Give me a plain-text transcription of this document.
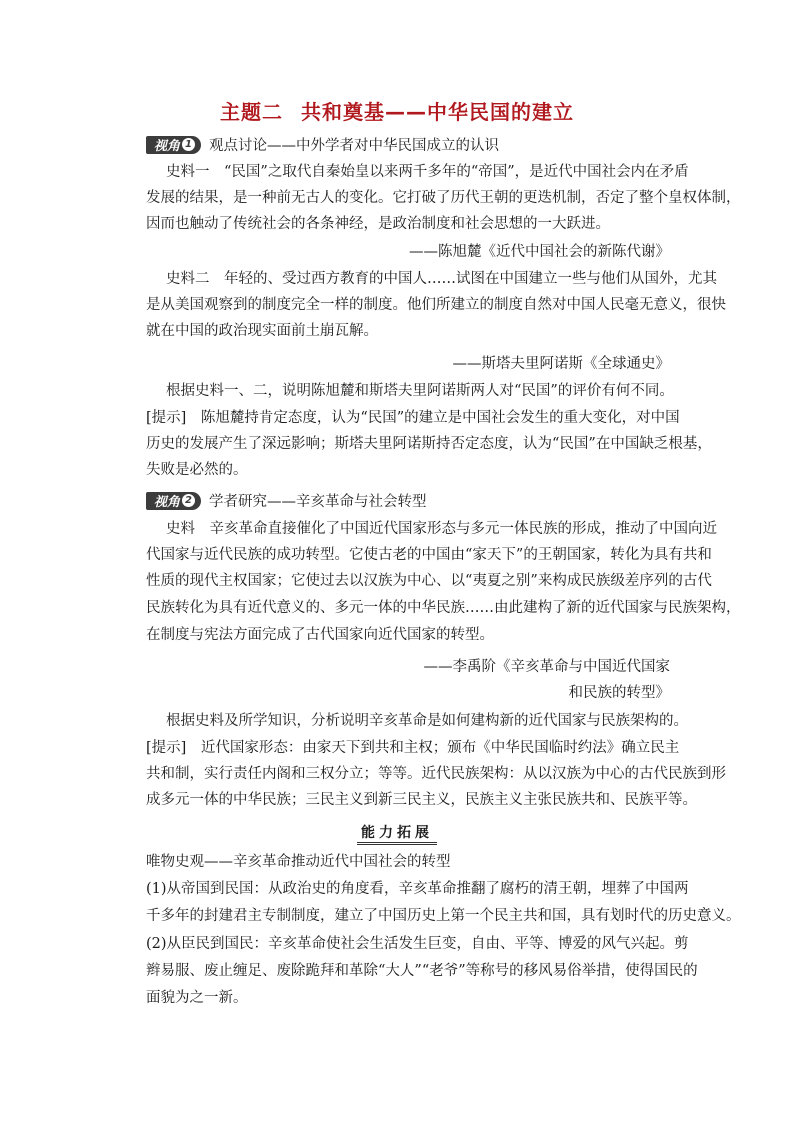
主题二 共和奠基——中华民国的建立
视角 1 观点讨论——中外学者对中华民国成立的认识
史料一　“民国”之取代自秦始皇以来两千多年的“帝国”，是近代中国社会内在矛盾
发展的结果，是一种前无古人的变化。它打破了历代王朝的更迭机制，否定了整个皇权体制，
因而也触动了传统社会的各条神经，是政治制度和社会思想的一大跃进。
——陈旭麓《近代中国社会的新陈代谢》
史料二　年轻的、受过西方教育的中国人……试图在中国建立一些与他们从国外，尤其
是从美国观察到的制度完全一样的制度。他们所建立的制度自然对中国人民毫无意义，很快
就在中国的政治现实面前土崩瓦解。
——斯塔夫里阿诺斯《全球通史》
根据史料一、二，说明陈旭麓和斯塔夫里阿诺斯两人对“民国”的评价有何不同。
[提示]　陈旭麓持肯定态度，认为“民国”的建立是中国社会发生的重大变化，对中国
历史的发展产生了深远影响；斯塔夫里阿诺斯持否定态度，认为“民国”在中国缺乏根基，
失败是必然的。
视角 2 学者研究——辛亥革命与社会转型
史料　辛亥革命直接催化了中国近代国家形态与多元一体民族的形成，推动了中国向近
代国家与近代民族的成功转型。它使古老的中国由“家天下”的王朝国家，转化为具有共和
性质的现代主权国家；它使过去以汉族为中心、以“夷夏之别”来构成民族级差序列的古代
民族转化为具有近代意义的、多元一体的中华民族……由此建构了新的近代国家与民族架构，
在制度与宪法方面完成了古代国家向近代国家的转型。
——李禹阶《辛亥革命与中国近代国家
和民族的转型》
根据史料及所学知识，分析说明辛亥革命是如何建构新的近代国家与民族架构的。
[提示]　近代国家形态：由家天下到共和主权；颁布《中华民国临时约法》确立民主
共和制，实行责任内阁和三权分立；等等。近代民族架构：从以汉族为中心的古代民族到形
成多元一体的中华民族；三民主义到新三民主义，民族主义主张民族共和、民族平等。
能力拓展
唯物史观——辛亥革命推动近代中国社会的转型
(1)从帝国到民国：从政治史的角度看，辛亥革命推翻了腐朽的清王朝，埋葬了中国两
千多年的封建君主专制制度，建立了中国历史上第一个民主共和国，具有划时代的历史意义。
(2)从臣民到国民：辛亥革命使社会生活发生巨变，自由、平等、博爱的风气兴起。剪
辫易服、废止缠足、废除跪拜和革除“大人”“老爷”等称号的移风易俗举措，使得国民的
面貌为之一新。
